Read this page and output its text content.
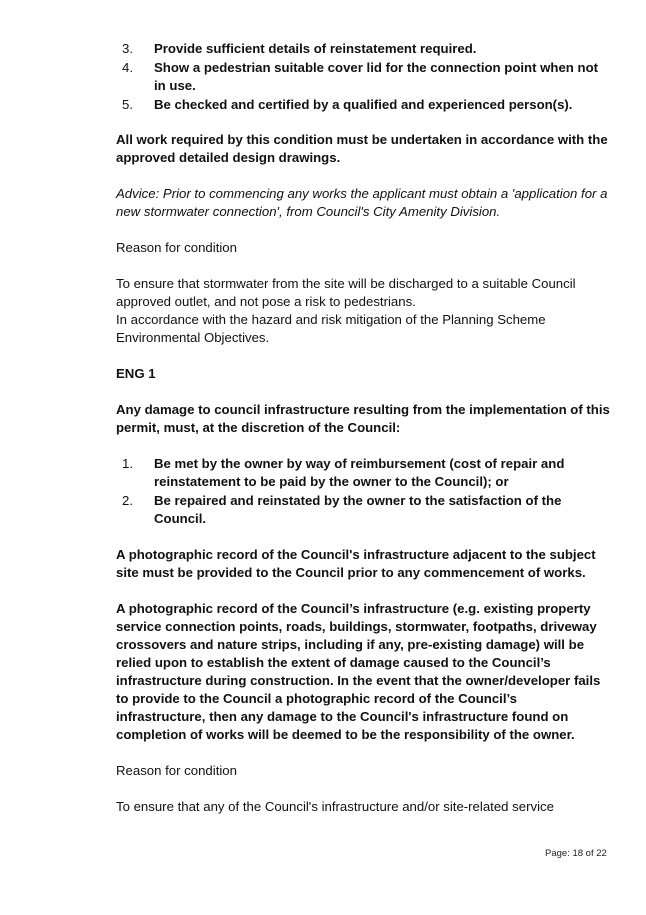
3.	Provide sufficient details of reinstatement required.
4.	Show a pedestrian suitable cover lid for the connection point when not in use.
5.	Be checked and certified by a qualified and experienced person(s).

All work required by this condition must be undertaken in accordance with the approved detailed design drawings.

Advice: Prior to commencing any works the applicant must obtain a 'application for a new stormwater connection', from Council's City Amenity Division.

Reason for condition

To ensure that stormwater from the site will be discharged to a suitable Council approved outlet, and not pose a risk to pedestrians.

In accordance with the hazard and risk mitigation of the Planning Scheme Environmental Objectives.

ENG 1

Any damage to council infrastructure resulting from the implementation of this permit, must, at the discretion of the Council:

1.	Be met by the owner by way of reimbursement (cost of repair and reinstatement to be paid by the owner to the Council); or
2.	Be repaired and reinstated by the owner to the satisfaction of the Council.

A photographic record of the Council's infrastructure adjacent to the subject site must be provided to the Council prior to any commencement of works.

A photographic record of the Council’s infrastructure (e.g. existing property service connection points, roads, buildings, stormwater, footpaths, driveway crossovers and nature strips, including if any, pre-existing damage) will be relied upon to establish the extent of damage caused to the Council’s infrastructure during construction. In the event that the owner/developer fails to provide to the Council a photographic record of the Council’s infrastructure, then any damage to the Council's infrastructure found on completion of works will be deemed to be the responsibility of the owner.

Reason for condition

To ensure that any of the Council's infrastructure and/or site-related service

Page: 18 of 22
